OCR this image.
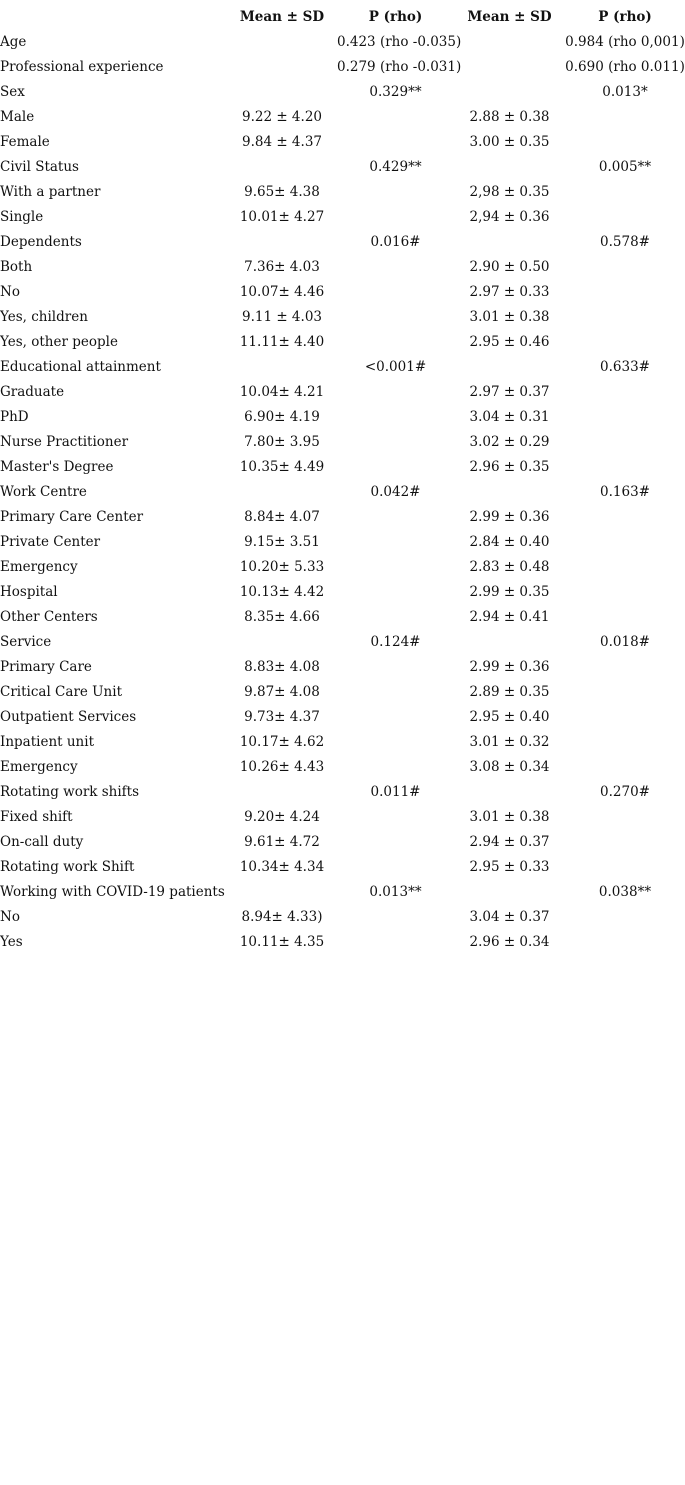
	Mean ± SD	P (rho)	Mean ± SD	P (rho)
Age		0.423 (rho -0.035)		0.984 (rho 0,001)
Professional experience		0.279 (rho -0.031)		0.690 (rho 0.011)
Sex		0.329**		0.013*
Male	9.22 ± 4.20		2.88 ± 0.38	
Female	9.84 ± 4.37		3.00 ± 0.35	
Civil Status		0.429**		0.005**
With a partner	9.65± 4.38		2,98 ± 0.35	
Single	10.01± 4.27		2,94 ± 0.36	
Dependents		0.016#		0.578#
Both	7.36± 4.03		2.90 ± 0.50	
No	10.07± 4.46		2.97 ± 0.33	
Yes, children	9.11 ± 4.03		3.01 ± 0.38	
Yes, other people	11.11± 4.40		2.95 ± 0.46	
Educational attainment		<0.001#		0.633#
Graduate	10.04± 4.21		2.97 ± 0.37	
PhD	6.90± 4.19		3.04 ± 0.31	
Nurse Practitioner	7.80± 3.95		3.02 ± 0.29	
Master's Degree	10.35± 4.49		2.96 ± 0.35	
Work Centre		0.042#		0.163#
Primary Care Center	8.84± 4.07		2.99 ± 0.36	
Private Center	9.15± 3.51		2.84 ± 0.40	
Emergency	10.20± 5.33		2.83 ± 0.48	
Hospital	10.13± 4.42		2.99 ± 0.35	
Other Centers	8.35± 4.66		2.94 ± 0.41	
Service		0.124#		0.018#
Primary Care	8.83± 4.08		2.99 ± 0.36	
Critical Care Unit	9.87± 4.08		2.89 ± 0.35	
Outpatient Services	9.73± 4.37		2.95 ± 0.40	
Inpatient unit	10.17± 4.62		3.01 ± 0.32	
Emergency	10.26± 4.43		3.08 ± 0.34	
Rotating work shifts		0.011#		0.270#
Fixed shift	9.20± 4.24		3.01 ± 0.38	
On-call duty	9.61± 4.72		2.94 ± 0.37	
Rotating work Shift	10.34± 4.34		2.95 ± 0.33	
Working with COVID-19 patients		0.013**		0.038**
No	8.94± 4.33)		3.04 ± 0.37	
Yes	10.11± 4.35		2.96 ± 0.34	
